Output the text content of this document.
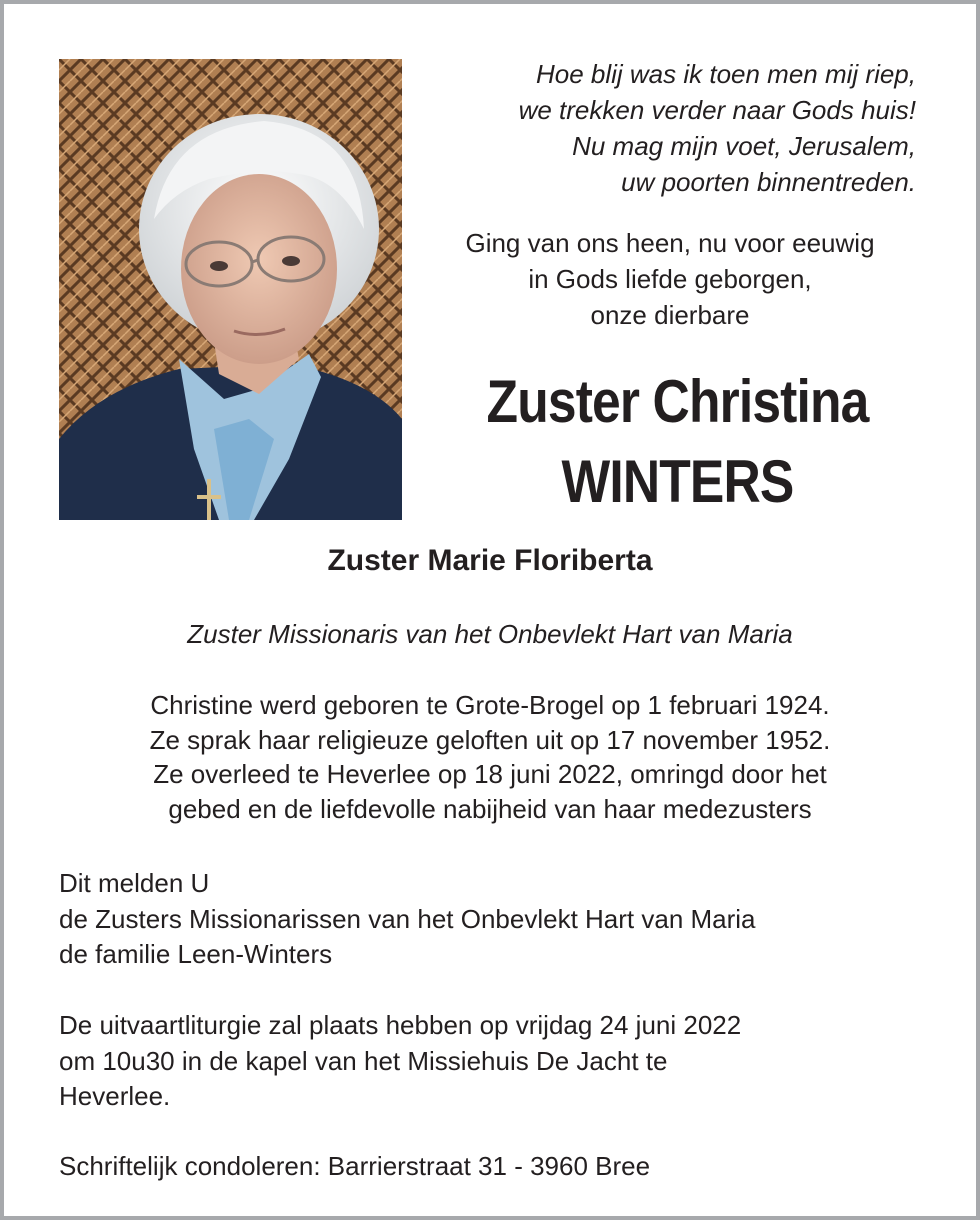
Hoe blij was ik toen men mij riep,
we trekken verder naar Gods huis!
Nu mag mijn voet, Jerusalem,
uw poorten binnentreden.
Ging van ons heen, nu voor eeuwig
in Gods liefde geborgen,
onze dierbare
Zuster Christina
WINTERS
Zuster Marie Floriberta
Zuster Missionaris van het Onbevlekt Hart van Maria
Christine werd geboren te Grote-Brogel op 1 februari 1924.
Ze sprak haar religieuze geloften uit op 17 november 1952.
Ze overleed te Heverlee op 18 juni 2022, omringd door het
gebed en de liefdevolle nabijheid van haar medezusters
Dit melden U
de Zusters Missionarissen van het Onbevlekt Hart van Maria
de familie Leen-Winters
De uitvaartliturgie zal plaats hebben op vrijdag 24 juni 2022
om 10u30 in de kapel van het Missiehuis De Jacht te
Heverlee.
Schriftelijk condoleren: Barrierstraat 31 - 3960 Bree
